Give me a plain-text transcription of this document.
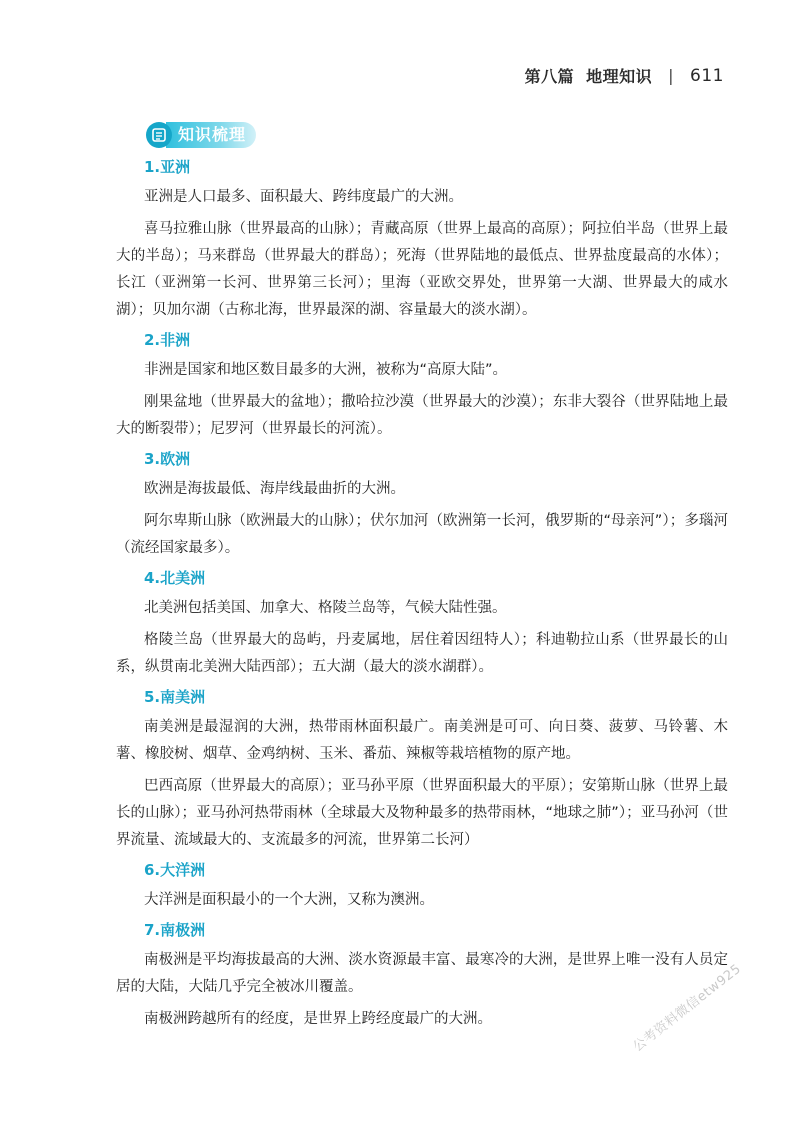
第八篇 地理知识 | 611
知识梳理
1.亚洲

亚洲是人口最多、面积最大、跨纬度最广的大洲。

喜马拉雅山脉（世界最高的山脉）；青藏高原（世界上最高的高原）；阿拉伯半岛（世界上最大的半岛）；马来群岛（世界最大的群岛）；死海（世界陆地的最低点、世界盐度最高的水体）；长江（亚洲第一长河、世界第三长河）；里海（亚欧交界处，世界第一大湖、世界最大的咸水湖）；贝加尔湖（古称北海，世界最深的湖、容量最大的淡水湖）。

2.非洲

非洲是国家和地区数目最多的大洲，被称为“高原大陆”。

刚果盆地（世界最大的盆地）；撒哈拉沙漠（世界最大的沙漠）；东非大裂谷（世界陆地上最大的断裂带）；尼罗河（世界最长的河流）。

3.欧洲

欧洲是海拔最低、海岸线最曲折的大洲。

阿尔卑斯山脉（欧洲最大的山脉）；伏尔加河（欧洲第一长河，俄罗斯的“母亲河”）；多瑙河（流经国家最多）。

4.北美洲

北美洲包括美国、加拿大、格陵兰岛等，气候大陆性强。

格陵兰岛（世界最大的岛屿，丹麦属地，居住着因纽特人）；科迪勒拉山系（世界最长的山系，纵贯南北美洲大陆西部）；五大湖（最大的淡水湖群）。

5.南美洲

南美洲是最湿润的大洲，热带雨林面积最广。南美洲是可可、向日葵、菠萝、马铃薯、木薯、橡胶树、烟草、金鸡纳树、玉米、番茄、辣椒等栽培植物的原产地。

巴西高原（世界最大的高原）；亚马孙平原（世界面积最大的平原）；安第斯山脉（世界上最长的山脉）；亚马孙河热带雨林（全球最大及物种最多的热带雨林，“地球之肺”）；亚马孙河（世界流量、流域最大的、支流最多的河流，世界第二长河）

6.大洋洲

大洋洲是面积最小的一个大洲，又称为澳洲。

7.南极洲

南极洲是平均海拔最高的大洲、淡水资源最丰富、最寒冷的大洲，是世界上唯一没有人员定居的大陆，大陆几乎完全被冰川覆盖。

南极洲跨越所有的经度，是世界上跨经度最广的大洲。	公考资料微信etw925
